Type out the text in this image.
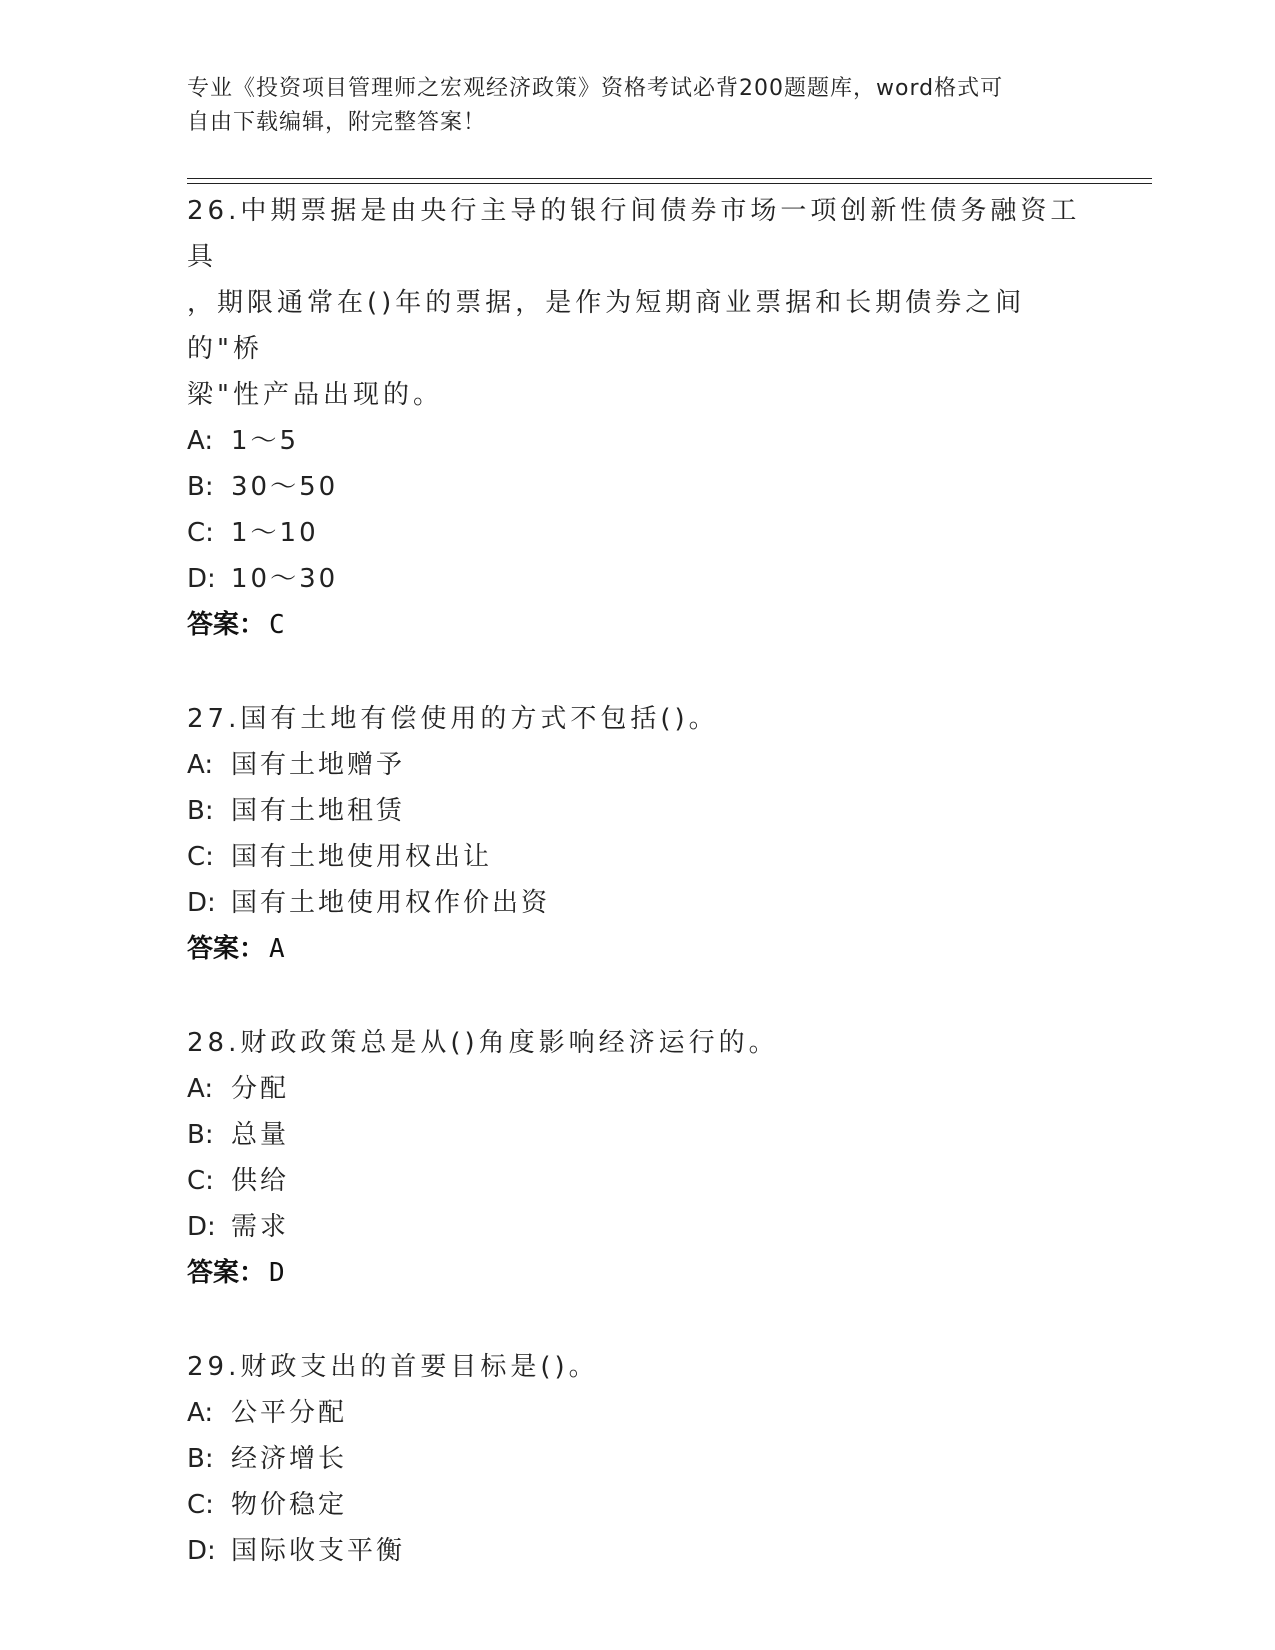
专业《投资项目管理师之宏观经济政策》资格考试必背200题题库，word格式可
自由下载编辑，附完整答案！

26.中期票据是由央行主导的银行间债券市场一项创新性债务融资工具

，期限通常在()年的票据，是作为短期商业票据和长期债券之间的"桥

梁"性产品出现的。

A: 1～5

B: 30～50

C: 1～10

D: 10～30

答案： C

27.国有土地有偿使用的方式不包括()。

A: 国有土地赠予

B: 国有土地租赁

C: 国有土地使用权出让

D: 国有土地使用权作价出资

答案： A

28.财政政策总是从()角度影响经济运行的。

A: 分配

B: 总量

C: 供给

D: 需求

答案： D

29.财政支出的首要目标是()。

A: 公平分配

B: 经济增长

C: 物价稳定

D: 国际收支平衡
